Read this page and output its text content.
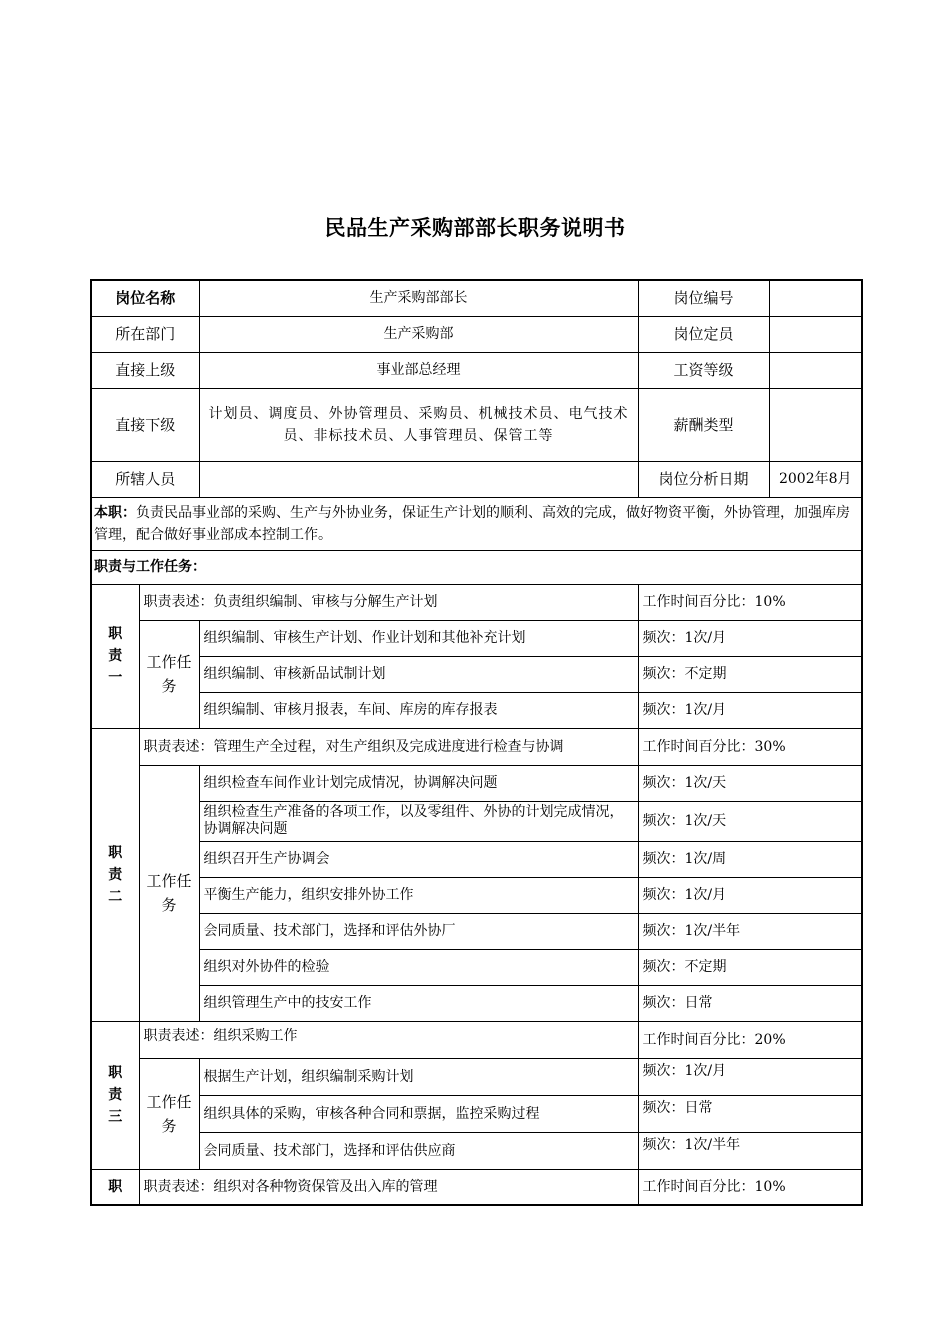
民品生产采购部部长职务说明书
岗位名称		生产采购部部长	岗位编号	
所在部门		生产采购部	岗位定员	
直接上级		事业部总经理	工资等级	
直接下级		计划员、调度员、外协管理员、采购员、机械技术员、电气技术员、非标技术员、人事管理员、保管工等	薪酬类型	
所辖人员			岗位分析日期	2002年8月
本职：负责民品事业部的采购、生产与外协业务，保证生产计划的顺利、高效的完成，做好物资平衡，外协管理，加强库房管理，配合做好事业部成本控制工作。				
职责与工作任务：				

职
责
一	职责表述：负责组织编制、审核与分解生产计划		工作时间百分比：10%	
	工作任务	组织编制、审核生产计划、作业计划和其他补充计划	频次：1次/月	
		组织编制、审核新品试制计划	频次：不定期	
		组织编制、审核月报表，车间、库房的库存报表	频次：1次/月	

职
责
二	职责表述：管理生产全过程，对生产组织及完成进度进行检查与协调		工作时间百分比：30%	
	工作任务	组织检查车间作业计划完成情况，协调解决问题	频次：1次/天	
		组织检查生产准备的各项工作，以及零组件、外协的计划完成情况，协调解决问题	频次：1次/天	
		组织召开生产协调会	频次：1次/周	
		平衡生产能力，组织安排外协工作	频次：1次/月	
		会同质量、技术部门，选择和评估外协厂	频次：1次/半年	
		组织对外协件的检验	频次：不定期	
		组织管理生产中的技安工作	频次：日常	

职
责
三	职责表述：组织采购工作		工作时间百分比：20%	
	工作任务	根据生产计划，组织编制采购计划	频次：1次/月	
		组织具体的采购，审核各种合同和票据，监控采购过程	频次：日常	
		会同质量、技术部门，选择和评估供应商	频次：1次/半年	

职	职责表述：组织对各种物资保管及出入库的管理		工作时间百分比：10%	
